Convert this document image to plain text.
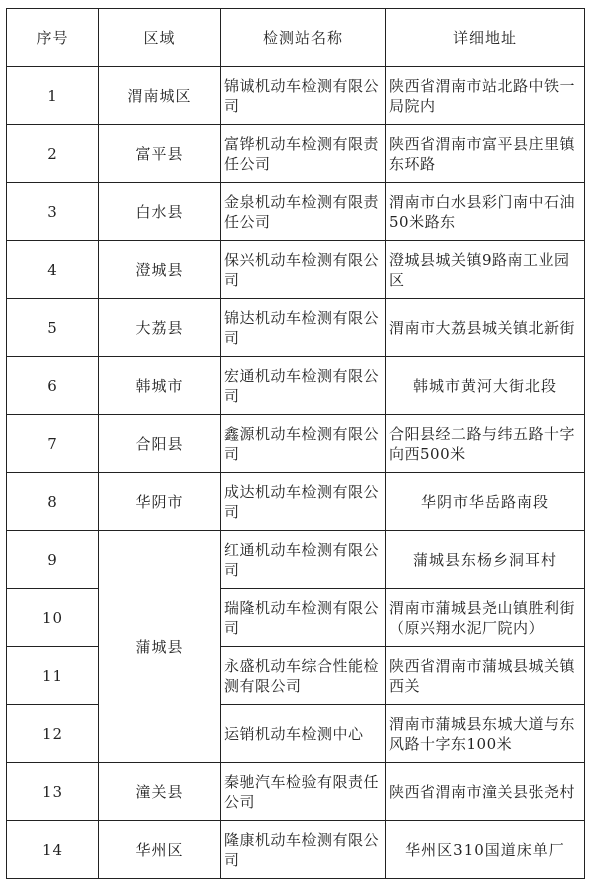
序号	区域	检测站名称	详细地址
1	渭南城区	锦诚机动车检测有限公司	陕西省渭南市站北路中铁一局院内
2	富平县	富铧机动车检测有限责任公司	陕西省渭南市富平县庄里镇东环路
3	白水县	金泉机动车检测有限责任公司	渭南市白水县彩门南中石油50米路东
4	澄城县	保兴机动车检测有限公司	澄城县城关镇9路南工业园区
5	大荔县	锦达机动车检测有限公司	渭南市大荔县城关镇北新街
6	韩城市	宏通机动车检测有限公司	韩城市黄河大街北段
7	合阳县	鑫源机动车检测有限公司	合阳县经二路与纬五路十字向西500米
8	华阴市	成达机动车检测有限公司	华阴市华岳路南段
9	蒲城县	红通机动车检测有限公司	蒲城县东杨乡洞耳村
10		瑞隆机动车检测有限公司	渭南市蒲城县尧山镇胜利街（原兴翔水泥厂院内）

11		永盛机动车综合性能检测有限公司	陕西省渭南市蒲城县城关镇西关
12		运销机动车检测中心	渭南市蒲城县东城大道与东风路十字东100米
13	潼关县	秦驰汽车检验有限责任公司	陕西省渭南市潼关县张尧村
14	华州区	隆康机动车检测有限公司	华州区310国道床单厂
